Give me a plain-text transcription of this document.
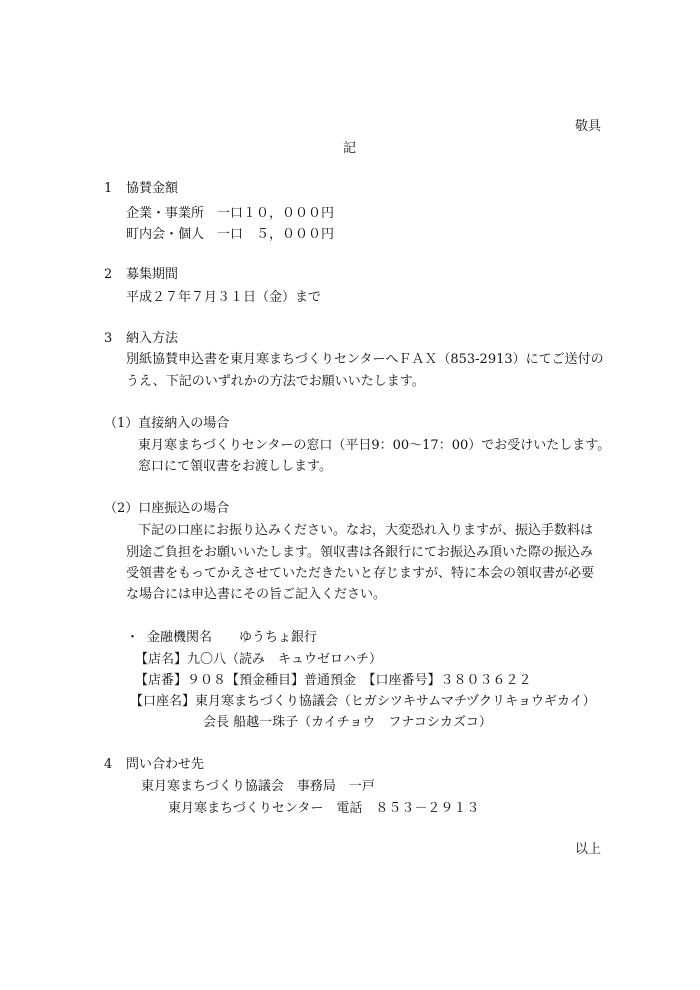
敬具
記
1 協賛金額
企業・事業所　一口１０，０００円
町内会・個人　一口　５，０００円
2 募集期間
平成２７年７月３１日（金）まで
3 納入方法
別紙協賛申込書を東月寒まちづくりセンターへＦＡＸ（853-2913）にてご送付の
うえ、下記のいずれかの方法でお願いいたします。
（1）直接納入の場合
東月寒まちづくりセンターの窓口（平日9：00〜17：00）でお受けいたします。
窓口にて領収書をお渡しします。
（2）口座振込の場合
下記の口座にお振り込みください。なお，大変恐れ入りますが、振込手数料は
別途ご負担をお願いいたします。領収書は各銀行にてお振込み頂いた際の振込み
受領書をもってかえさせていただきたいと存じますが、特に本会の領収書が必要
な場合には申込書にその旨ご記入ください。
・ 金融機関名 ゆうちょ銀行
【店名】九〇八（読み　キュウゼロハチ）
【店番】９０８【預金種目】普通預金　【口座番号】３８０３６２２
【口座名】東月寒まちづくり協議会（ヒガシツキサムマチヅクリキョウギカイ）
会長 船越一珠子（カイチョウ　フナコシカズコ）
4 問い合わせ先
東月寒まちづくり協議会　事務局　一戸
東月寒まちづくりセンター　電話　８５３－２９１３
以上
